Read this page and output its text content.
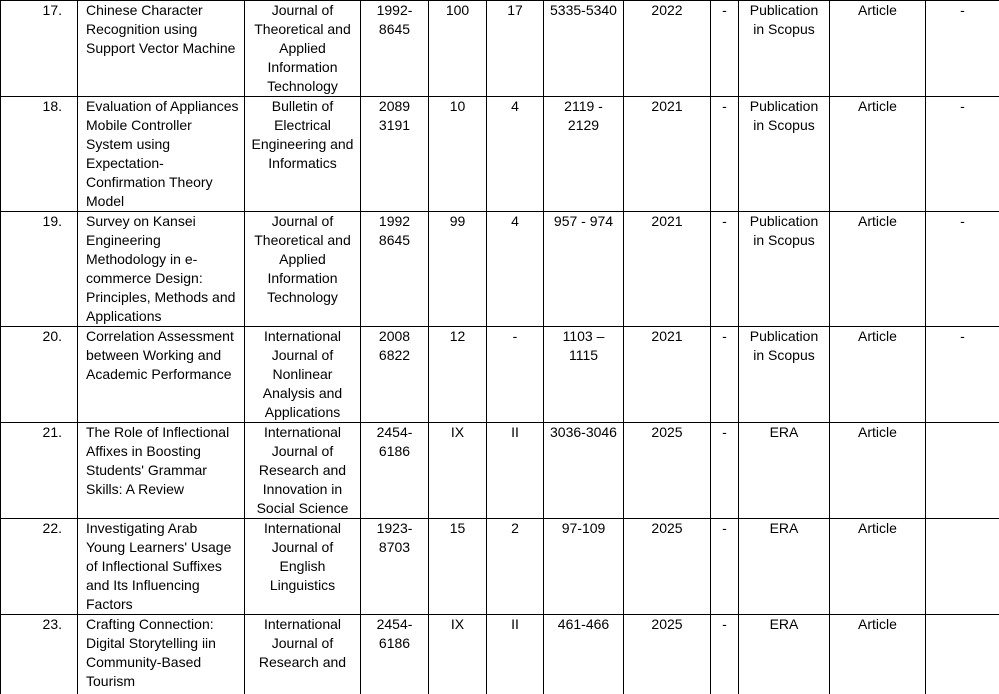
17.	Chinese Character Recognition using Support Vector Machine	Journal of Theoretical and Applied Information Technology	1992-8645	100	17	5335-5340	2022	-	Publication in Scopus	Article	-
18.	Evaluation of Appliances Mobile Controller System using Expectation-Confirmation Theory Model	Bulletin of Electrical Engineering and Informatics	2089 3191	10	4	2119 - 2129	2021	-	Publication in Scopus	Article	-
19.	Survey on Kansei Engineering Methodology in e-commerce Design: Principles, Methods and Applications	Journal of Theoretical and Applied Information Technology	1992 8645	99	4	957 - 974	2021	-	Publication in Scopus	Article	-
20.	Correlation Assessment between Working and Academic Performance	International Journal of Nonlinear Analysis and Applications	2008 6822	12	-	1103 – 1115	2021	-	Publication in Scopus	Article	-
21.	The Role of Inflectional Affixes in Boosting Students' Grammar Skills: A Review	International Journal of Research and Innovation in Social Science	2454-6186	IX	II	3036-3046	2025	-	ERA	Article	
22.	Investigating Arab Young Learners' Usage of Inflectional Suffixes and Its Influencing Factors	International Journal of English Linguistics	1923-8703	15	2	97-109	2025	-	ERA	Article	
23.	Crafting Connection: Digital Storytelling iin Community-Based Tourism	International Journal of Research and	2454-6186	IX	II	461-466	2025	-	ERA	Article	
